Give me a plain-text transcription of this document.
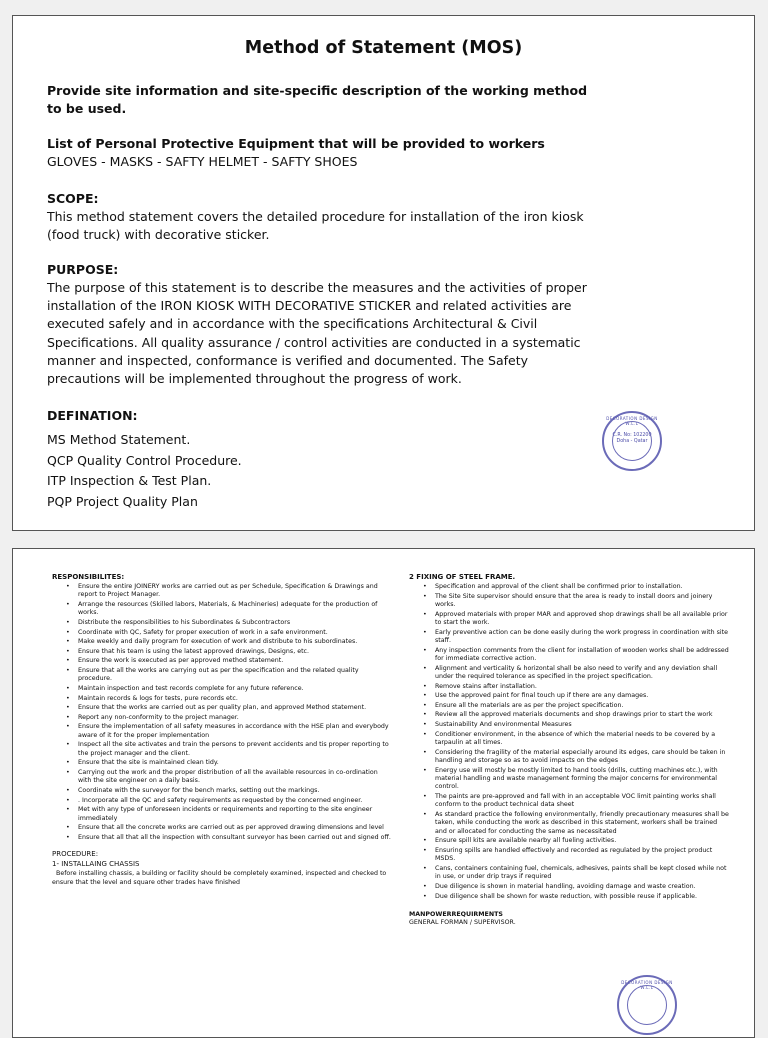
Method of Statement (MOS)
Provide site information and site-specific description of the working method to be used.
List of Personal Protective Equipment that will be provided to workers
GLOVES - MASKS - SAFTY HELMET - SAFTY SHOES
SCOPE:
This method statement covers the detailed procedure for installation of the iron kiosk (food truck) with decorative sticker.
PURPOSE:
The purpose of this statement is to describe the measures and the activities of proper installation of the IRON KIOSK WITH DECORATIVE STICKER and related activities are executed safely and in accordance with the specifications Architectural & Civil Specifications. All quality assurance / control activities are conducted in a systematic manner and inspected, conformance is verified and documented. The Safety precautions will be implemented throughout the progress of work.
DEFINATION:
MS Method Statement.
QCP Quality Control Procedure.
ITP Inspection & Test Plan.
PQP Project Quality Plan
DECORATION DESIGN W.L.L
C.R. No: 102200
Doha - Qatar
RESPONSIBILITES:
• Ensure the entire JOINERY works are carried out as per Schedule, Specification & Drawings and report to Project Manager.
• Arrange the resources (Skilled labors, Materials, & Machineries) adequate for the production of works.
• Distribute the responsibilities to his Subordinates & Subcontractors
• Coordinate with QC, Safety for proper execution of work in a safe environment.
• Make weekly and daily program for execution of work and distribute to his subordinates.
• Ensure that his team is using the latest approved drawings, Designs, etc.
• Ensure the work is executed as per approved method statement.
• Ensure that all the works are carrying out as per the specification and the related quality procedure.
• Maintain inspection and test records complete for any future reference.
• Maintain records & logs for tests, pure records etc.
• Ensure that the works are carried out as per quality plan, and approved Method statement.
• Report any non-conformity to the project manager.
• Ensure the implementation of all safety measures in accordance with the HSE plan and everybody aware of it for the proper implementation
• Inspect all the site activates and train the persons to prevent accidents and tis proper reporting to the project manager and the client.
• Ensure that the site is maintained clean tidy.
• Carrying out the work and the proper distribution of all the available resources in co-ordination with the site engineer on a daily basis.
• Coordinate with the surveyor for the bench marks, setting out the markings.
• . Incorporate all the QC and safety requirements as requested by the concerned engineer.
• Met with any type of unforeseen incidents or requirements and reporting to the site engineer immediately
• Ensure that all the concrete works are carried out as per approved drawing dimensions and level
• Ensure that all that all the inspection with consultant surveyor has been carried out and signed off.
PROCEDURE:
1- INSTALLAING CHASSIS
Before installing chassis, a building or facility should be completely examined, inspected and checked to ensure that the level and square other trades have finished
2 FIXING OF STEEL FRAME.
• Specification and approval of the client shall be confirmed prior to installation.
• The Site Site supervisor should ensure that the area is ready to install doors and joinery works.
• Approved materials with proper MAR and approved shop drawings shall be all available prior to start the work.
• Early preventive action can be done easily during the work progress in coordination with site staff.
• Any inspection comments from the client for installation of wooden works shall be addressed for immediate corrective action.
• Alignment and verticality & horizontal shall be also need to verify and any deviation shall under the required tolerance as specified in the project specification.
• Remove stains after installation.
• Use the approved paint for final touch up if there are any damages.
• Ensure all the materials are as per the project specification.
• Review all the approved materials documents and shop drawings prior to start the work
• Sustainability And environmental Measures
• Conditioner environment, in the absence of which the material needs to be covered by a tarpaulin at all times.
• Considering the fragility of the material especially around its edges, care should be taken in handling and storage so as to avoid impacts on the edges
• Energy use will mostly be mostly limited to hand tools (drills, cutting machines etc.), with material handling and waste management forming the major concerns for environmental control.
• The paints are pre-approved and fall with in an acceptable VOC limit painting works shall conform to the product technical data sheet
• As standard practice the following environmentally, friendly precautionary measures shall be taken, while conducting the work as described in this statement, workers shall be trained and or allocated for conducting the same as necessitated
• Ensure spill kits are available nearby all fueling activities.
• Ensuring spills are handled effectively and recorded as regulated by the project product MSDS.
• Cans, containers containing fuel, chemicals, adhesives, paints shall be kept closed while not in use, or under drip trays if required
• Due diligence is shown in material handling, avoiding damage and waste creation.
• Due diligence shall be shown for waste reduction, with possible reuse if applicable.
MANPOWERREQUIRMENTS
GENERAL FORMAN / SUPERVISOR.
DECORATION DESIGN W.L.L
